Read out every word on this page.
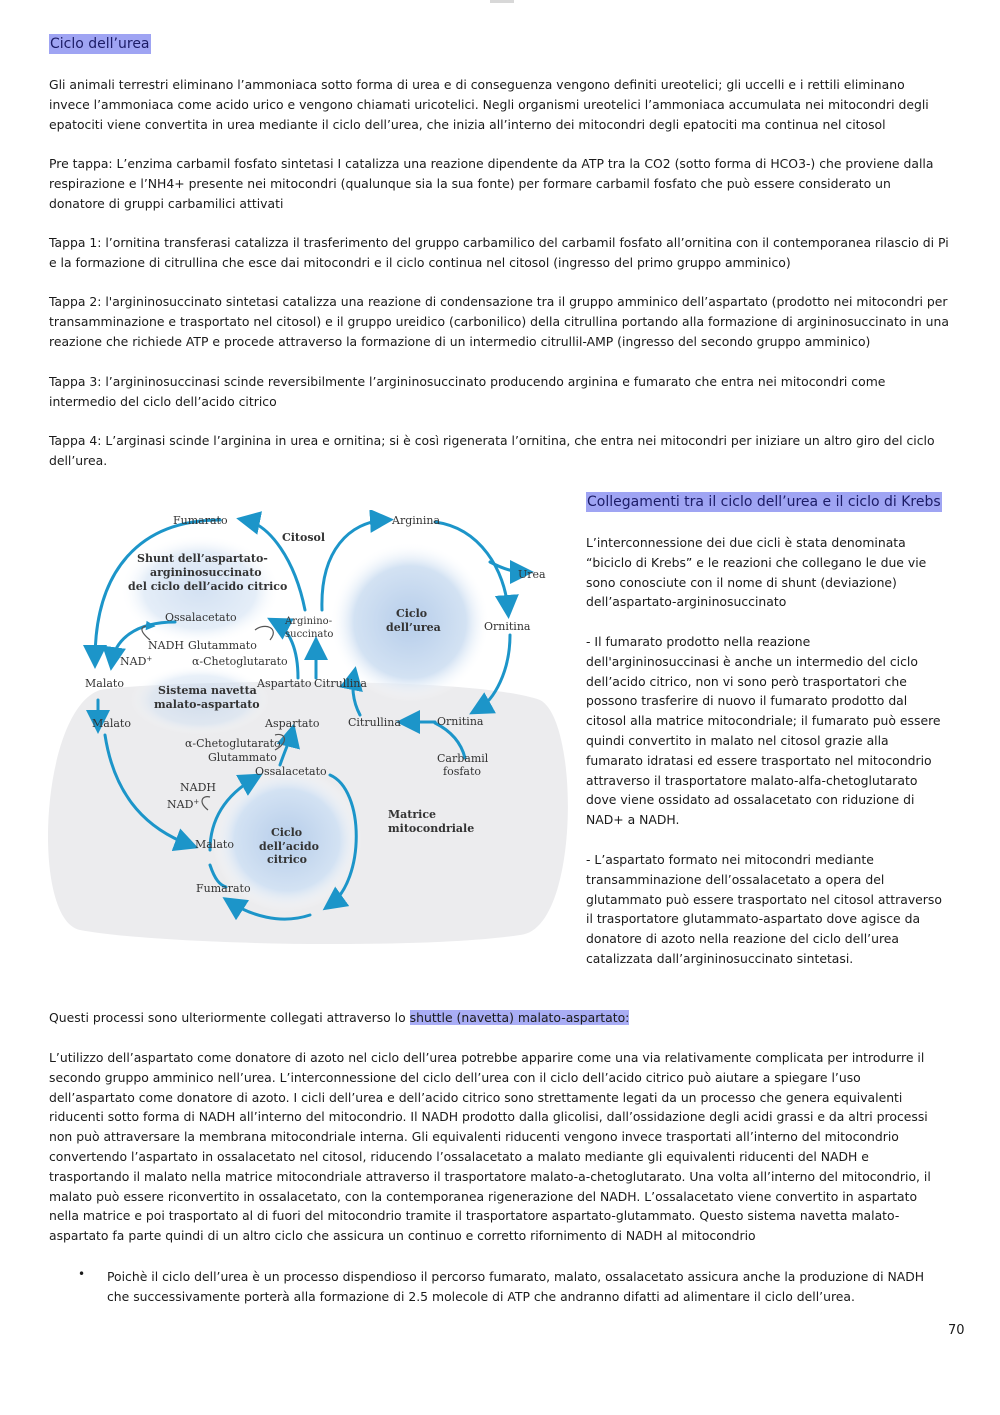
Ciclo dell’urea

Gli animali terrestri eliminano l’ammoniaca sotto forma di urea e di conseguenza vengono definiti ureotelici; gli uccelli e i rettili eliminano invece l’ammoniaca come acido urico e vengono chiamati uricotelici. Negli organismi ureotelici l’ammoniaca accumulata nei mitocondri degli epatociti viene convertita in urea mediante il ciclo dell’urea, che inizia all’interno dei mitocondri degli epatociti ma continua nel citosol

Pre tappa: L’enzima carbamil fosfato sintetasi I catalizza una reazione dipendente da ATP tra la CO2 (sotto forma di HCO3-) che proviene dalla respirazione e l’NH4+ presente nei mitocondri (qualunque sia la sua fonte) per formare carbamil fosfato che può essere considerato un donatore di gruppi carbamilici attivati

Tappa 1: l’ornitina transferasi catalizza il trasferimento del gruppo carbamilico del carbamil fosfato all’ornitina con il contemporanea rilascio di Pi e la formazione di citrullina che esce dai mitocondri e il ciclo continua nel citosol (ingresso del primo gruppo amminico)

Tappa 2: l'argininosuccinato sintetasi catalizza una reazione di condensazione tra il gruppo amminico dell’aspartato (prodotto nei mitocondri per transamminazione e trasportato nel citosol) e il gruppo ureidico (carbonilico) della citrullina portando alla formazione di argininosuccinato in una reazione che richiede ATP e procede attraverso la formazione di un intermedio citrullil-AMP (ingresso del secondo gruppo amminico)

Tappa 3: l’argininosuccinasi scinde reversibilmente l’argininosuccinato producendo arginina e fumarato che entra nei mitocondri come intermedio del ciclo dell’acido citrico

Tappa 4: L’arginasi scinde l’arginina in urea e ornitina; si è così rigenerata l’ornitina, che entra nei mitocondri per iniziare un altro giro del ciclo dell’urea.

Fumarato
Citosol
Arginina
Urea
Ornitina
Shunt dell’aspartato-
argininosuccinato
del ciclo dell’acido citrico
Ciclo
dell’urea
Ossalacetato	Arginino-
succinato
NADH
NAD+
Glutammato
α-Chetoglutarato
Malato
Sistema navetta
malato-aspartato
Aspartato Citrullina
Malato	Aspartato	Citrullina	Ornitina
α-Chetoglutarato
Glutammato	Carbamil
fosfato
Ossalacetato
NADH
NAD+
Matrice
mitocondriale
Ciclo
dell’acido
citrico
Malato
Fumarato
Collegamenti tra il ciclo dell’urea e il ciclo di Krebs

L’interconnessione dei due cicli è stata denominata “biciclo di Krebs” e le reazioni che collegano le due vie sono conosciute con il nome di shunt (deviazione) dell’aspartato-argininosuccinato

- Il fumarato prodotto nella reazione dell'argininosuccinasi è anche un intermedio del ciclo dell’acido citrico, non vi sono però trasportatori che possono trasferire di nuovo il fumarato prodotto dal citosol alla matrice mitocondriale; il fumarato può essere quindi convertito in malato nel citosol grazie alla fumarato idratasi ed essere trasportato nel mitocondrio attraverso il trasportatore malato-alfa-chetoglutarato dove viene ossidato ad ossalacetato con riduzione di NAD+ a NADH.

- L’aspartato formato nei mitocondri mediante transamminazione dell’ossalacetato a opera del glutammato può essere trasportato nel citosol attraverso il trasportatore glutammato-aspartato dove agisce da donatore di azoto nella reazione del ciclo dell’urea catalizzata dall’argininosuccinato sintetasi.

Questi processi sono ulteriormente collegati attraverso lo shuttle (navetta) malato-aspartato:

L’utilizzo dell’aspartato come donatore di azoto nel ciclo dell’urea potrebbe apparire come una via relativamente complicata per introdurre il secondo gruppo amminico nell’urea. L’interconnessione del ciclo dell’urea con il ciclo dell’acido citrico può aiutare a spiegare l’uso dell’aspartato come donatore di azoto. I cicli dell’urea e dell’acido citrico sono strettamente legati da un processo che genera equivalenti riducenti sotto forma di NADH all’interno del mitocondrio. Il NADH prodotto dalla glicolisi, dall’ossidazione degli acidi grassi e da altri processi non può attraversare la membrana mitocondriale interna. Gli equivalenti riducenti vengono invece trasportati all’interno del mitocondrio convertendo l’aspartato in ossalacetato nel citosol, riducendo l’ossalacetato a malato mediante gli equivalenti riducenti del NADH e trasportando il malato nella matrice mitocondriale attraverso il trasportatore malato-a-chetoglutarato. Una volta all’interno del mitocondrio, il malato può essere riconvertito in ossalacetato, con la contemporanea rigenerazione del NADH. L’ossalacetato viene convertito in aspartato nella matrice e poi trasportato al di fuori del mitocondrio tramite il trasportatore aspartato-glutammato. Questo sistema navetta malato-aspartato fa parte quindi di un altro ciclo che assicura un continuo e corretto rifornimento di NADH al mitocondrio

• Poichè il ciclo dell’urea è un processo dispendioso il percorso fumarato, malato, ossalacetato assicura anche la produzione di NADH che successivamente porterà alla formazione di 2.5 molecole di ATP che andranno difatti ad alimentare il ciclo dell’urea.

70
